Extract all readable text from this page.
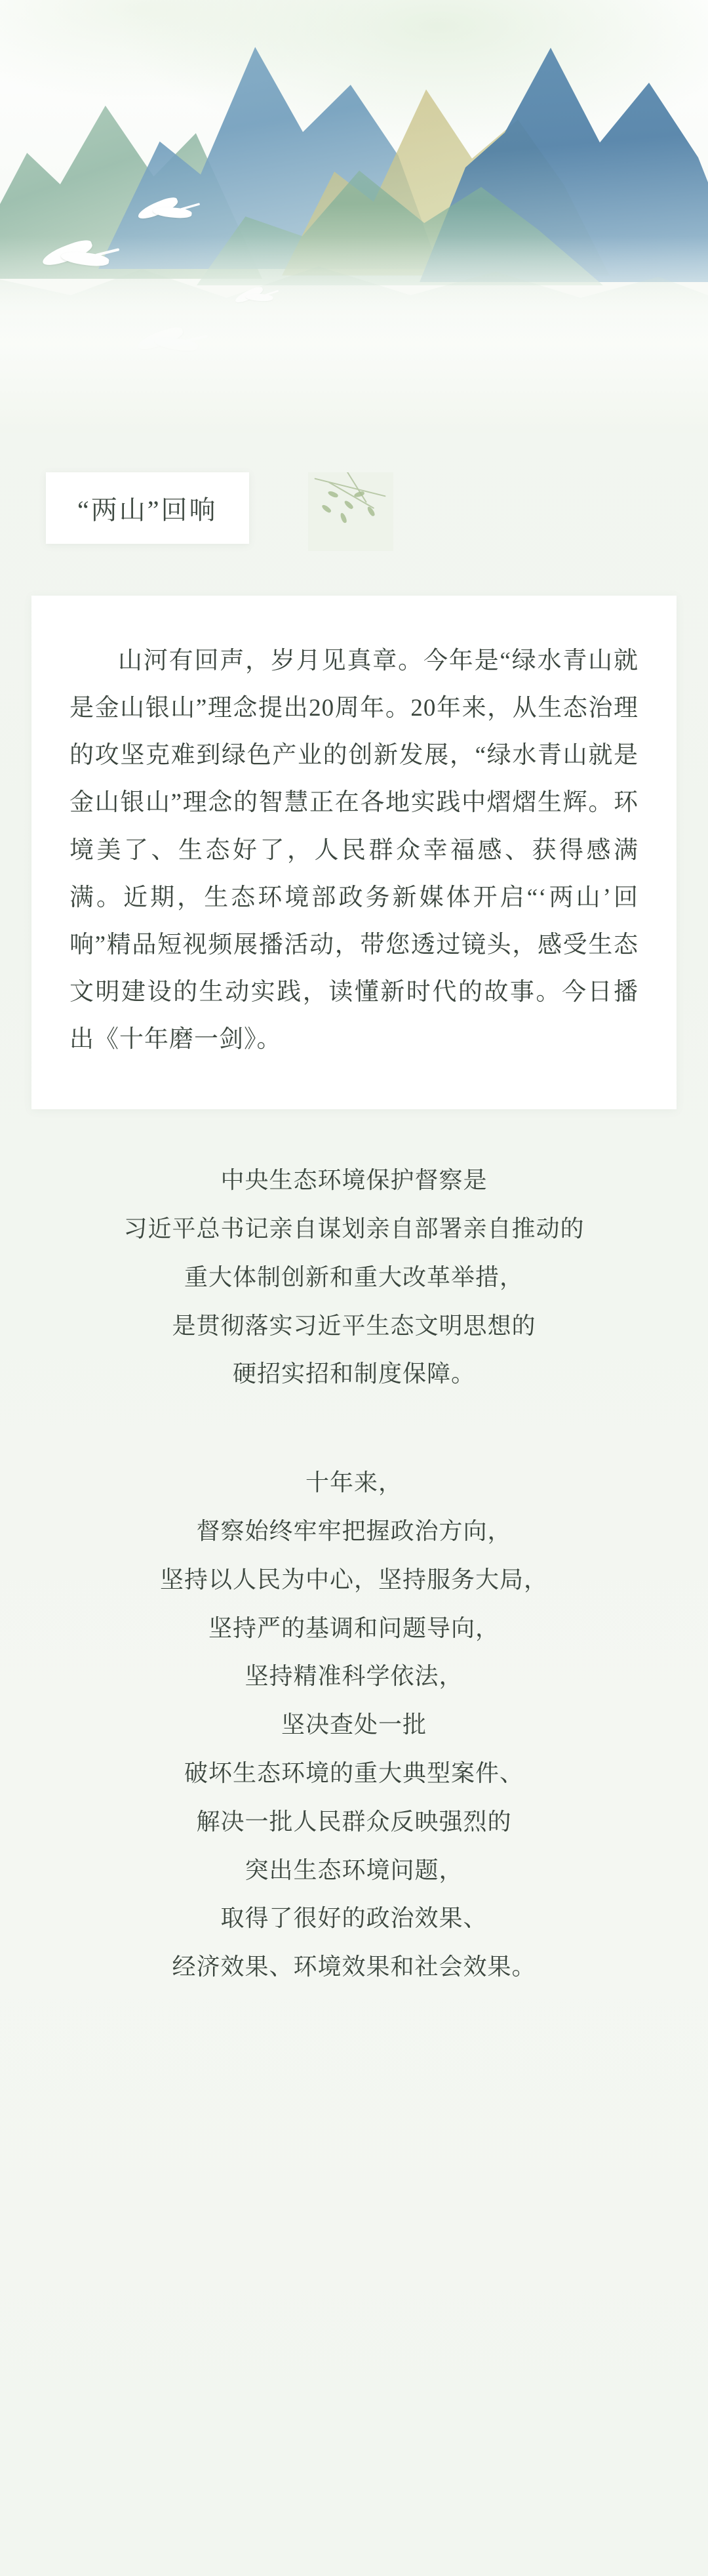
“两山”回响

山河有回声，岁月见真章。今年是“绿水青山就是金山银山”理念提出20周年。20年来，从生态治理的攻坚克难到绿色产业的创新发展，“绿水青山就是金山银山”理念的智慧正在各地实践中熠熠生辉。环境美了、生态好了，人民群众幸福感、获得感满满。近期，生态环境部政务新媒体开启“‘两山’回响”精品短视频展播活动，带您透过镜头，感受生态文明建设的生动实践，读懂新时代的故事。今日播出《十年磨一剑》。

中央生态环境保护督察是
习近平总书记亲自谋划亲自部署亲自推动的
重大体制创新和重大改革举措，
是贯彻落实习近平生态文明思想的
硬招实招和制度保障。
十年来，
督察始终牢牢把握政治方向，
坚持以人民为中心，坚持服务大局，
坚持严的基调和问题导向，
坚持精准科学依法，
坚决查处一批
破坏生态环境的重大典型案件、
解决一批人民群众反映强烈的
突出生态环境问题，
取得了很好的政治效果、
经济效果、环境效果和社会效果。
